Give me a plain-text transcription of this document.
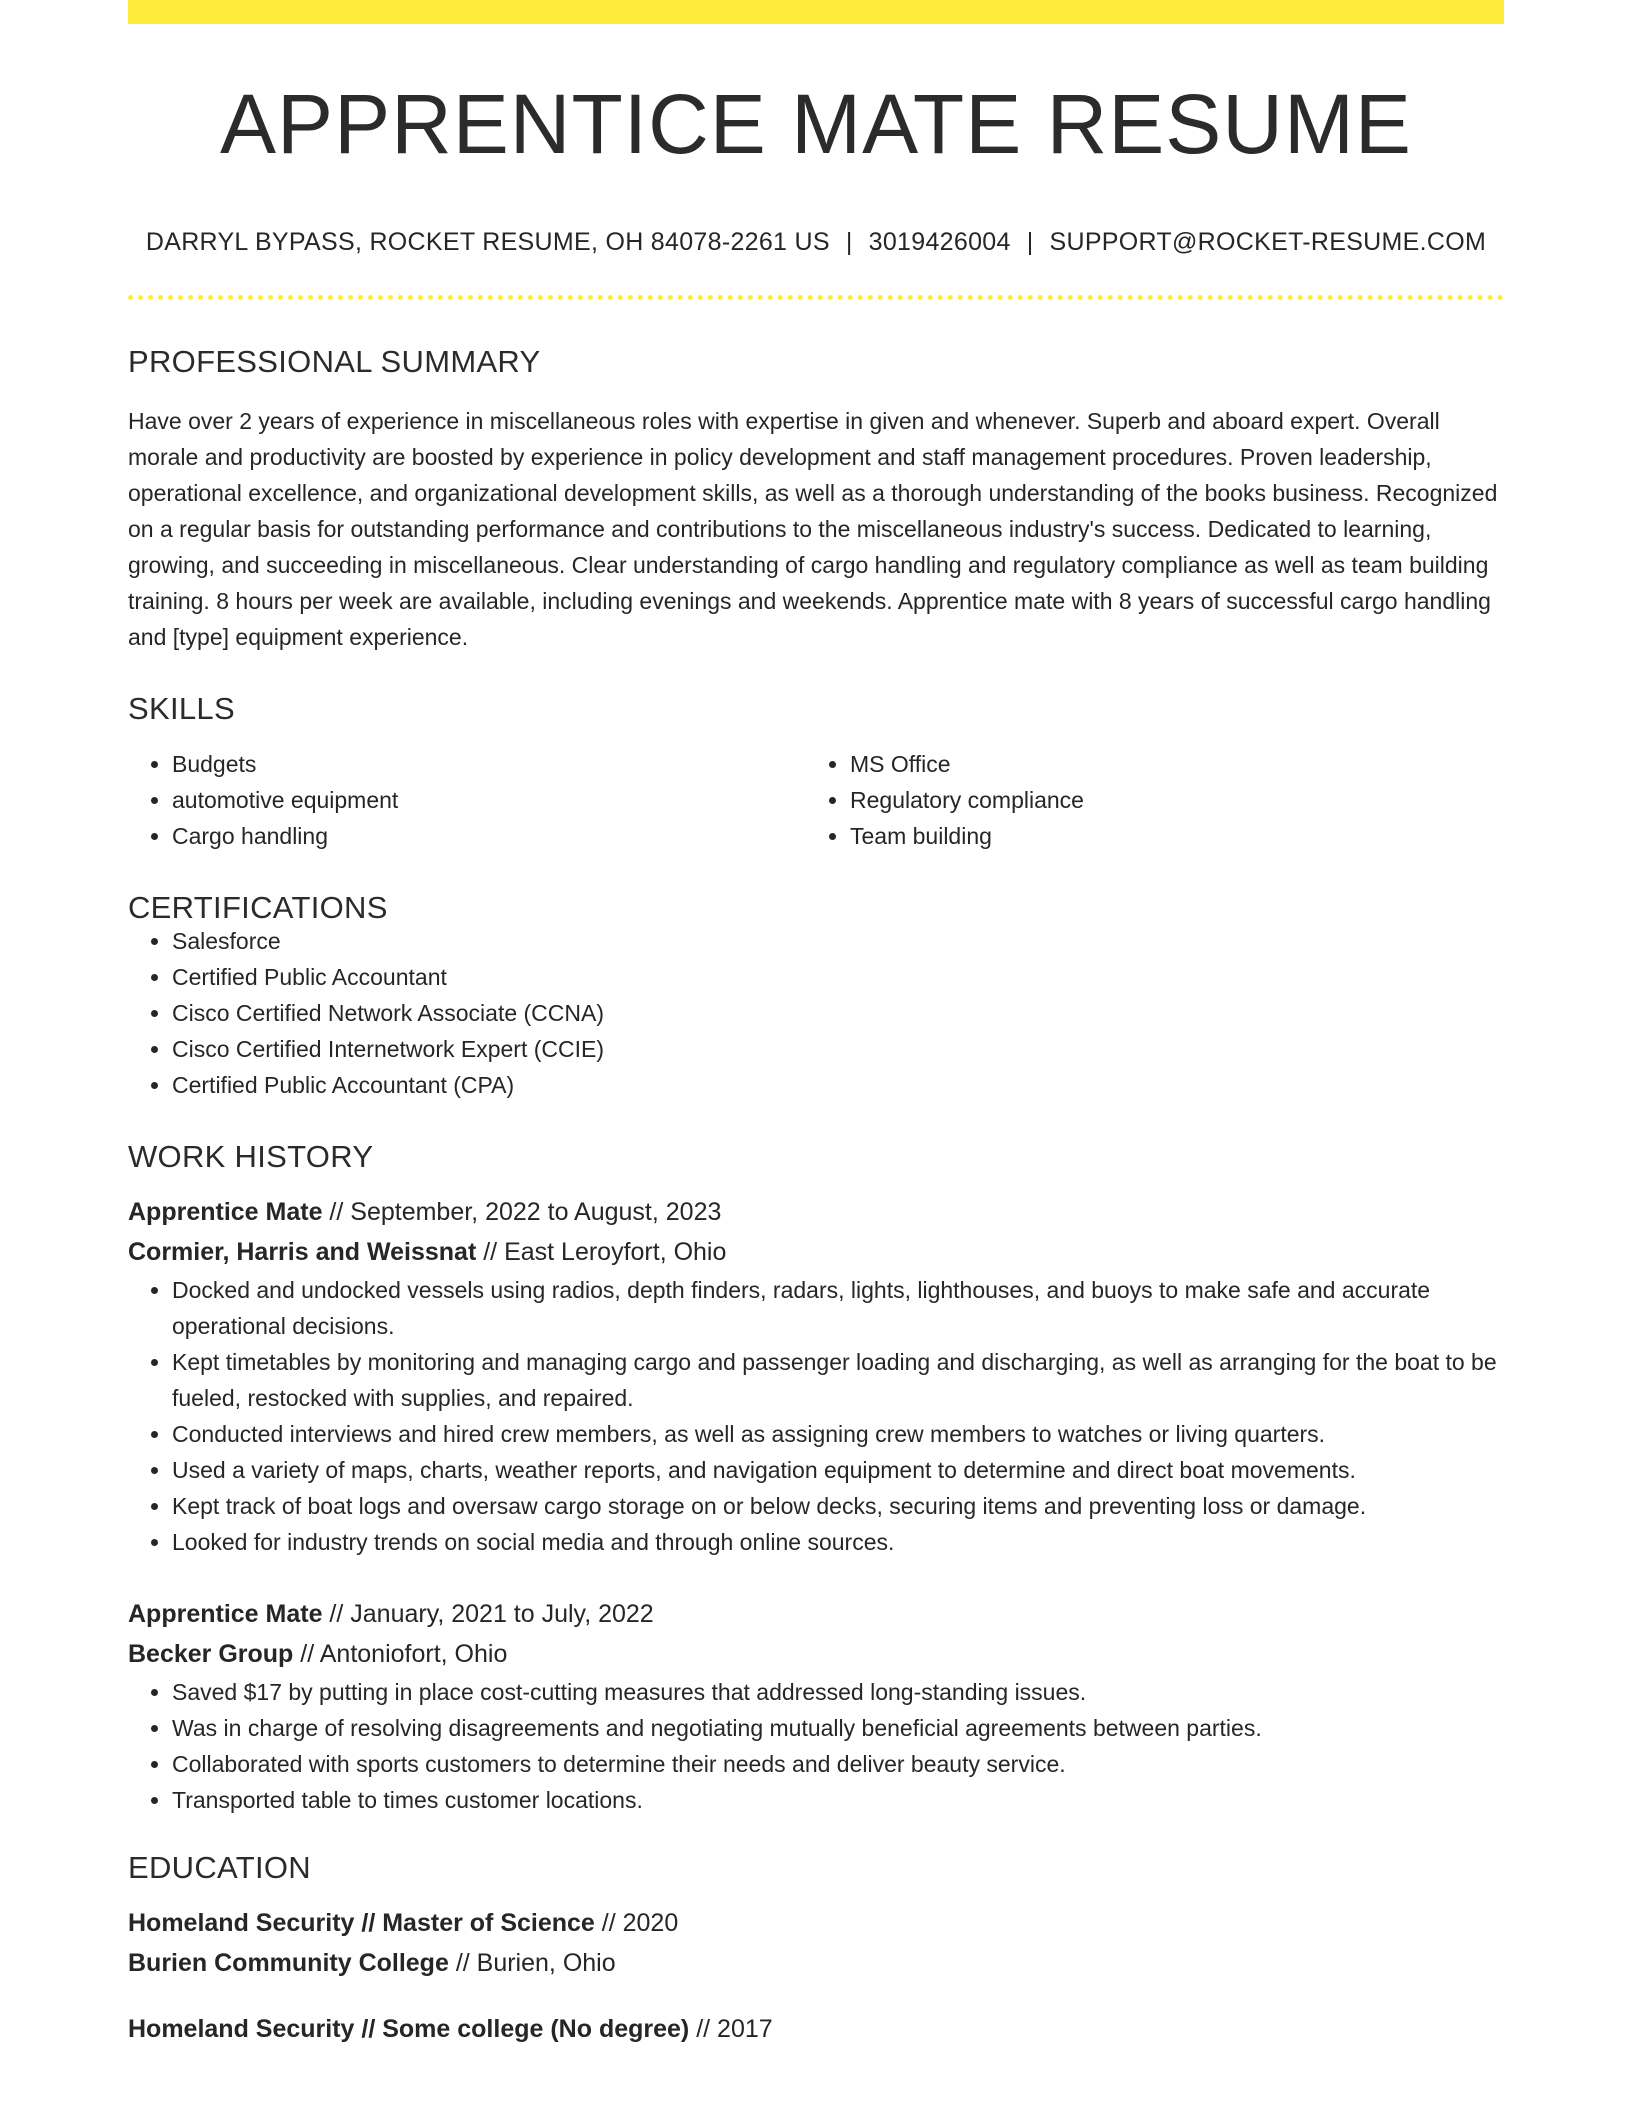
APPRENTICE MATE RESUME
DARRYL BYPASS, ROCKET RESUME, OH 84078-2261 US | 3019426004 | SUPPORT@ROCKET-RESUME.COM
PROFESSIONAL SUMMARY

Have over 2 years of experience in miscellaneous roles with expertise in given and whenever. Superb and aboard expert. Overall morale and productivity are boosted by experience in policy development and staff management procedures. Proven leadership, operational excellence, and organizational development skills, as well as a thorough understanding of the books business. Recognized on a regular basis for outstanding performance and contributions to the miscellaneous industry's success. Dedicated to learning, growing, and succeeding in miscellaneous. Clear understanding of cargo handling and regulatory compliance as well as team building training. 8 hours per week are available, including evenings and weekends. Apprentice mate with 8 years of successful cargo handling and [type] equipment experience.

SKILLS
• Budgets
• automotive equipment
• Cargo handling
• MS Office
• Regulatory compliance
• Team building
CERTIFICATIONS
• Salesforce
• Certified Public Accountant
• Cisco Certified Network Associate (CCNA)
• Cisco Certified Internetwork Expert (CCIE)
• Certified Public Accountant (CPA)
WORK HISTORY
Apprentice Mate // September, 2022 to August, 2023
Cormier, Harris and Weissnat // East Leroyfort, Ohio
• Docked and undocked vessels using radios, depth finders, radars, lights, lighthouses, and buoys to make safe and accurate operational decisions.
• Kept timetables by monitoring and managing cargo and passenger loading and discharging, as well as arranging for the boat to be fueled, restocked with supplies, and repaired.
• Conducted interviews and hired crew members, as well as assigning crew members to watches or living quarters.
• Used a variety of maps, charts, weather reports, and navigation equipment to determine and direct boat movements.
• Kept track of boat logs and oversaw cargo storage on or below decks, securing items and preventing loss or damage.
• Looked for industry trends on social media and through online sources.
Apprentice Mate // January, 2021 to July, 2022
Becker Group // Antoniofort, Ohio
• Saved $17 by putting in place cost-cutting measures that addressed long-standing issues.
• Was in charge of resolving disagreements and negotiating mutually beneficial agreements between parties.
• Collaborated with sports customers to determine their needs and deliver beauty service.
• Transported table to times customer locations.
EDUCATION
Homeland Security // Master of Science // 2020
Burien Community College // Burien, Ohio
Homeland Security // Some college (No degree) // 2017
